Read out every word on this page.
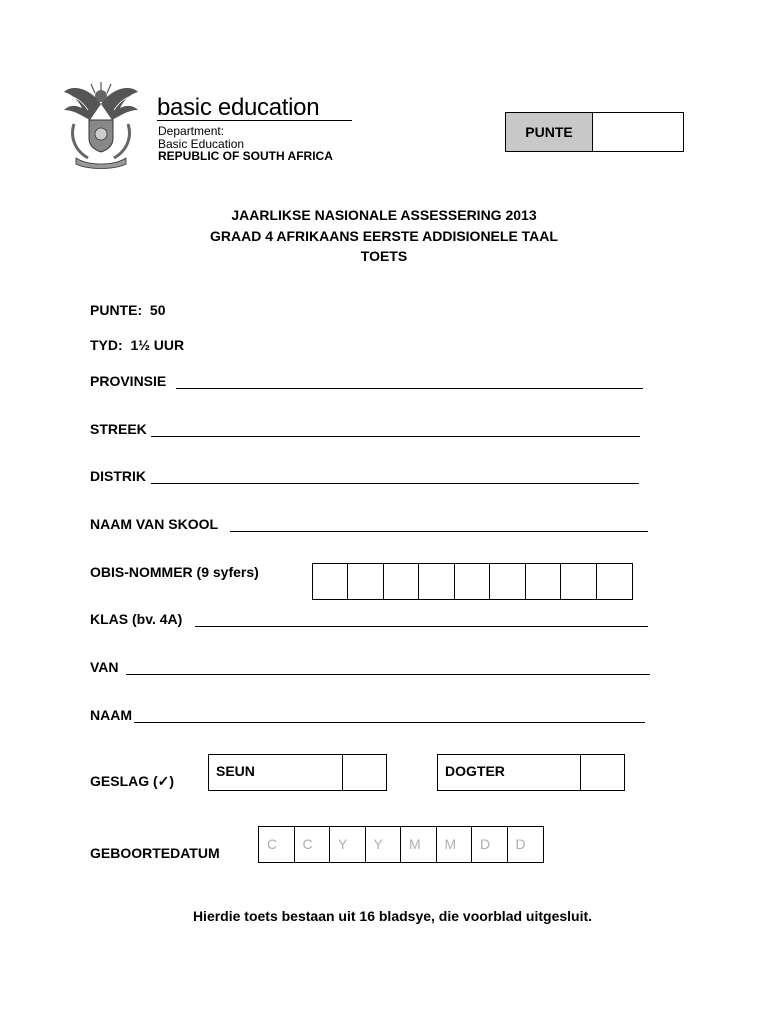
basic education
Department:
Basic Education
REPUBLIC OF SOUTH AFRICA
PUNTE
JAARLIKSE NASIONALE ASSESSERING 2013
GRAAD 4 AFRIKAANS EERSTE ADDISIONELE TAAL
TOETS
PUNTE: 50
TYD: 1½ UUR
PROVINSIE
STREEK
DISTRIK
NAAM VAN SKOOL
OBIS-NOMMER (9 syfers)
KLAS (bv. 4A)
VAN
NAAM
GESLAG (✓)
SEUN	DOGTER
GEBOORTEDATUM
C	C	Y	Y	M	M	D	D
Hierdie toets bestaan uit 16 bladsye, die voorblad uitgesluit.
